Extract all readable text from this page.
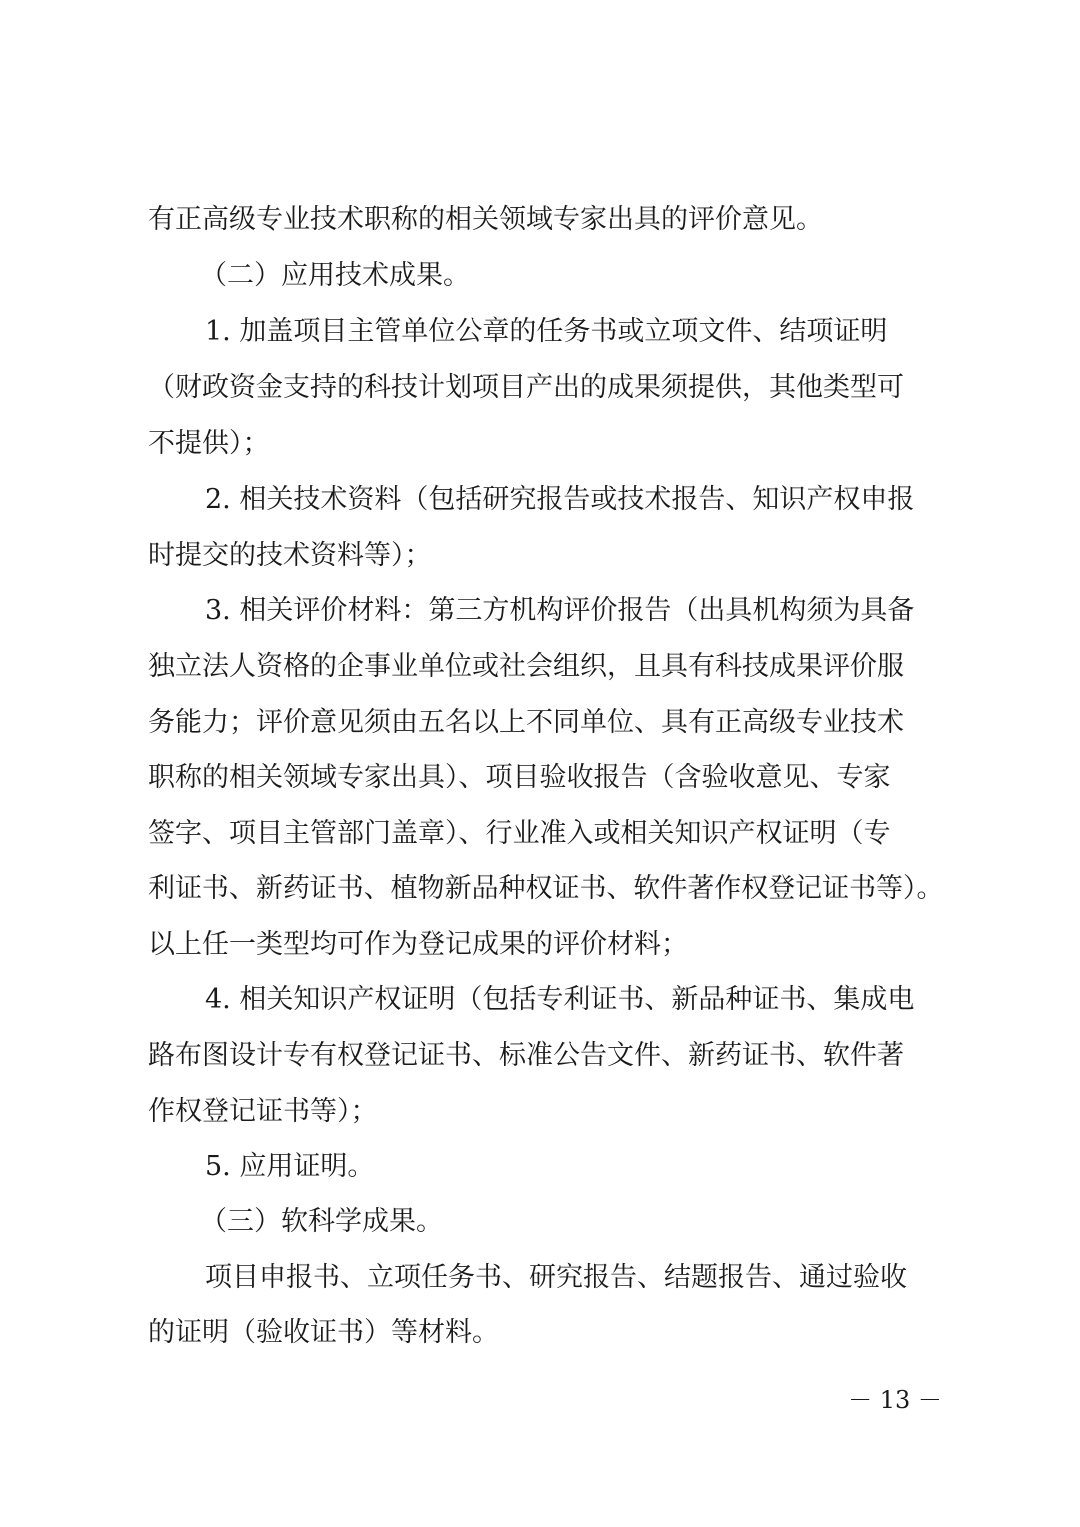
有正高级专业技术职称的相关领域专家出具的评价意见。
（二）应用技术成果。
1. 加盖项目主管单位公章的任务书或立项文件、结项证明
（财政资金支持的科技计划项目产出的成果须提供，其他类型可
不提供）；
2. 相关技术资料（包括研究报告或技术报告、知识产权申报
时提交的技术资料等）；
3. 相关评价材料：第三方机构评价报告（出具机构须为具备
独立法人资格的企事业单位或社会组织，且具有科技成果评价服
务能力；评价意见须由五名以上不同单位、具有正高级专业技术
职称的相关领域专家出具）、项目验收报告（含验收意见、专家
签字、项目主管部门盖章）、行业准入或相关知识产权证明（专
利证书、新药证书、植物新品种权证书、软件著作权登记证书等）。
以上任一类型均可作为登记成果的评价材料；
4. 相关知识产权证明（包括专利证书、新品种证书、集成电
路布图设计专有权登记证书、标准公告文件、新药证书、软件著
作权登记证书等）；
5. 应用证明。
（三）软科学成果。
项目申报书、立项任务书、研究报告、结题报告、通过验收
的证明（验收证书）等材料。
－ 13 －
